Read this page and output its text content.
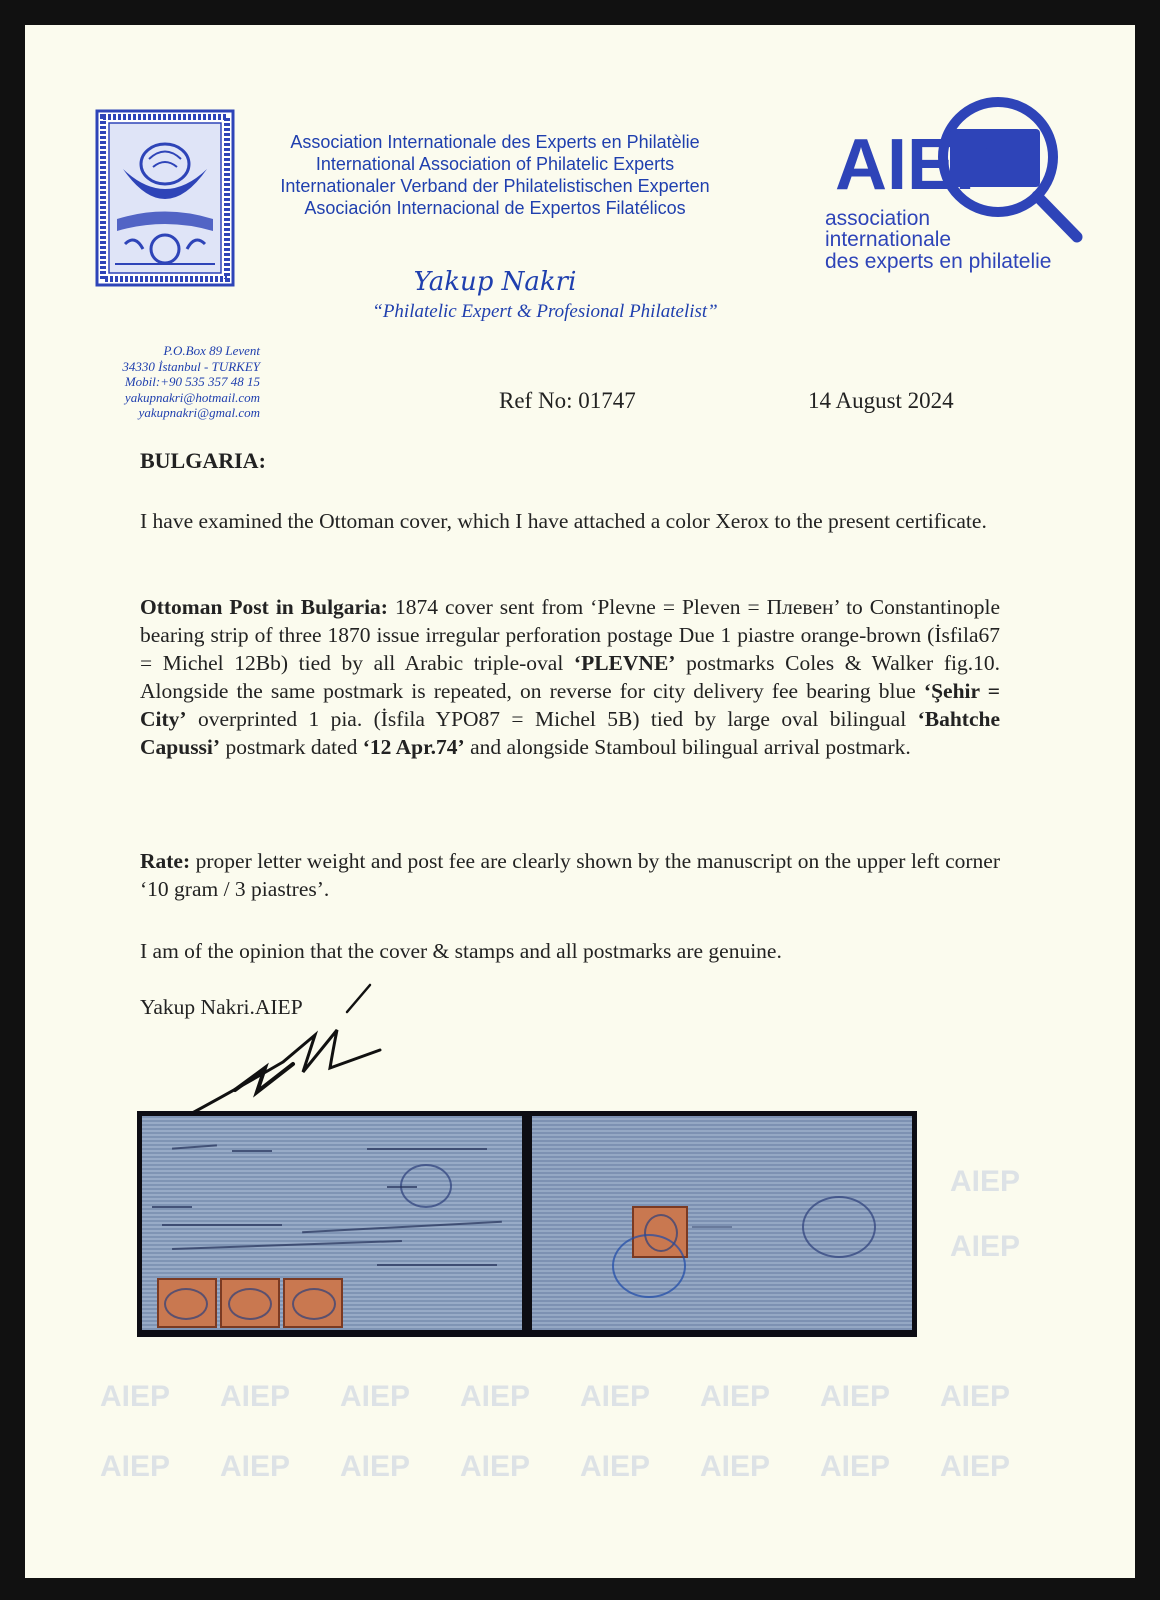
Association Internationale des Experts en Philatèlie
International Association of Philatelic Experts
Internationaler Verband der Philatelistischen Experten
Asociación Internacional de Expertos Filatélicos
AIEP
association
internationale
des experts en philatelie
Yakup Nakri
“Philatelic Expert & Profesional Philatelist”
P.O.Box 89 Levent
34330 İstanbul - TURKEY
Mobil:+90 535 357 48 15
yakupnakri@hotmail.com
yakupnakri@gmal.com	Ref No: 01747	14 August 2024
BULGARIA:
I have examined the Ottoman cover, which I have attached a color Xerox to the present certificate.
Ottoman Post in Bulgaria: 1874 cover sent from ‘Plevne = Pleven = Плевен’ to Constantinople bearing strip of three 1870 issue irregular perforation postage Due 1 piastre orange-brown (İsfila67 = Michel 12Bb) tied by all Arabic triple-oval ‘PLEVNE’ postmarks Coles & Walker fig.10. Alongside the same postmark is repeated, on reverse for city delivery fee bearing blue ‘Şehir = City’ overprinted 1 pia. (İsfila YPO87 = Michel 5B) tied by large oval bilingual ‘Bahtche Capussi’ postmark dated ‘12 Apr.74’ and alongside Stamboul bilingual arrival postmark.
Rate: proper letter weight and post fee are clearly shown by the manuscript on the upper left corner ‘10 gram / 3 piastres’.
I am of the opinion that the cover & stamps and all postmarks are genuine.
Yakup Nakri.AIEP
AIEP
AIEP
AIEP AIEP AIEP AIEP AIEP AIEP AIEP AIEP
AIEP AIEP AIEP AIEP AIEP AIEP AIEP AIEP
